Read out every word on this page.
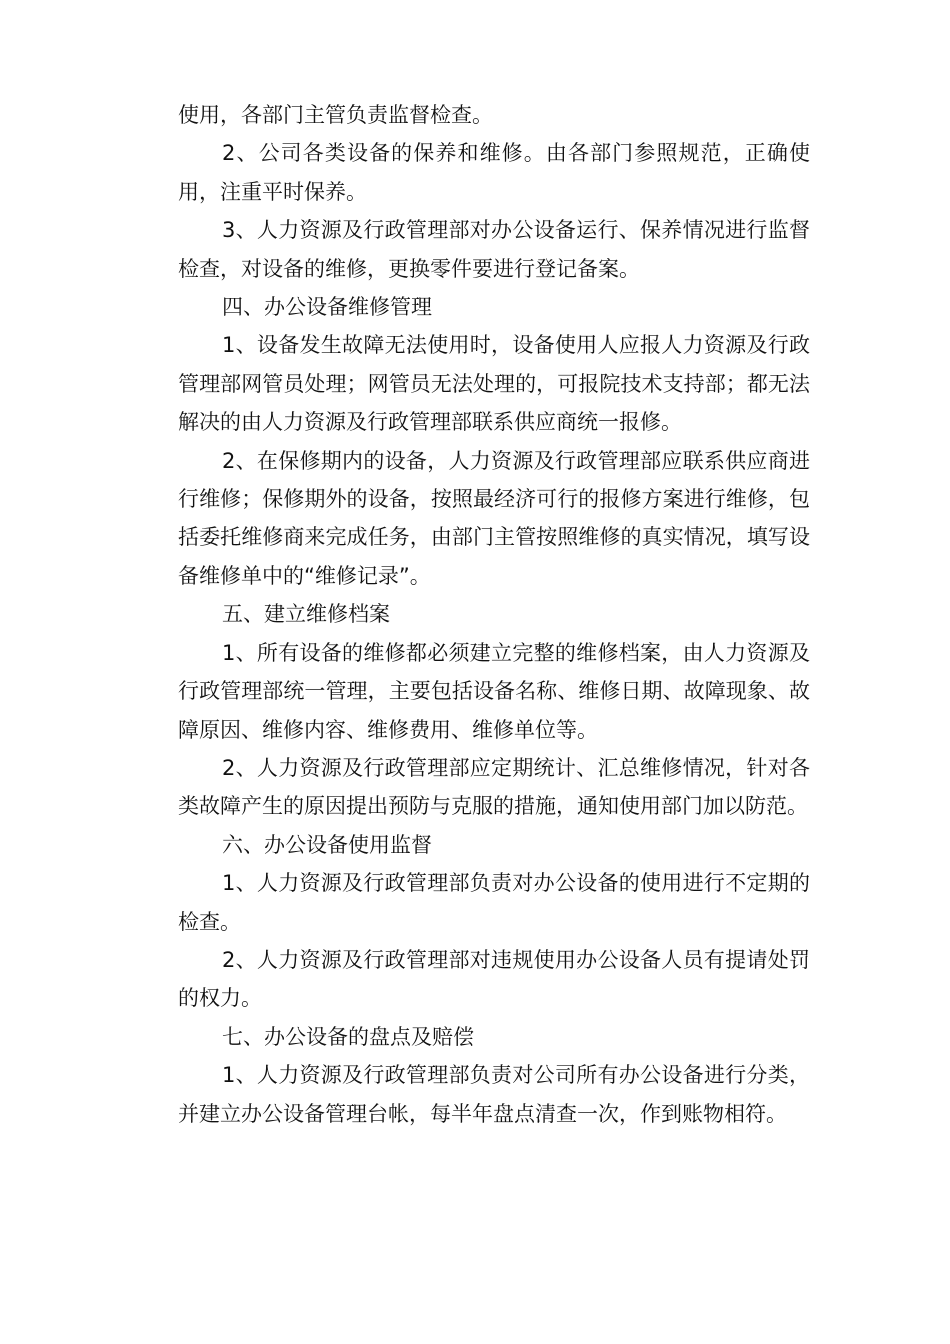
使用，各部门主管负责监督检查。

2、公司各类设备的保养和维修。由各部门参照规范，正确使用，注重平时保养。

3、人力资源及行政管理部对办公设备运行、保养情况进行监督检查，对设备的维修，更换零件要进行登记备案。

四、办公设备维修管理

1、设备发生故障无法使用时，设备使用人应报人力资源及行政管理部网管员处理；网管员无法处理的，可报院技术支持部；都无法解决的由人力资源及行政管理部联系供应商统一报修。

2、在保修期内的设备，人力资源及行政管理部应联系供应商进行维修；保修期外的设备，按照最经济可行的报修方案进行维修，包括委托维修商来完成任务，由部门主管按照维修的真实情况，填写设备维修单中的“维修记录”。

五、建立维修档案

1、所有设备的维修都必须建立完整的维修档案，由人力资源及行政管理部统一管理，主要包括设备名称、维修日期、故障现象、故障原因、维修内容、维修费用、维修单位等。

2、人力资源及行政管理部应定期统计、汇总维修情况，针对各类故障产生的原因提出预防与克服的措施，通知使用部门加以防范。

六、办公设备使用监督

1、人力资源及行政管理部负责对办公设备的使用进行不定期的检查。

2、人力资源及行政管理部对违规使用办公设备人员有提请处罚的权力。

七、办公设备的盘点及赔偿

1、人力资源及行政管理部负责对公司所有办公设备进行分类，并建立办公设备管理台帐，每半年盘点清查一次，作到账物相符。
